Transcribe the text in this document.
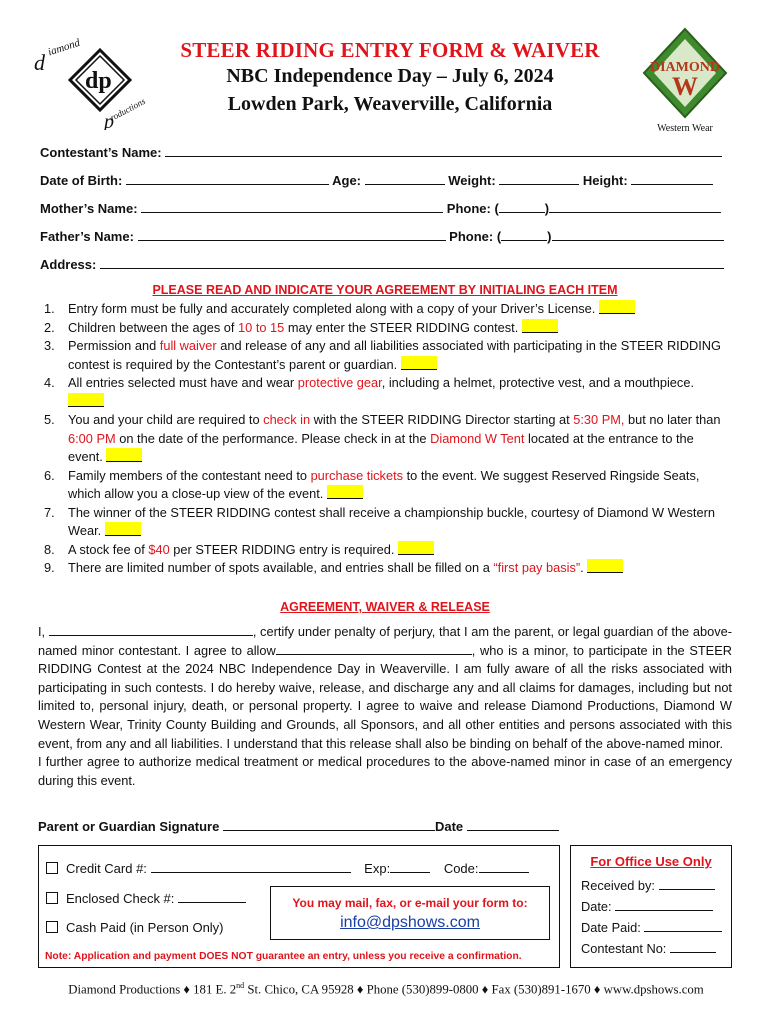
d
iamond
dp
roductions
p
STEER RIDING ENTRY FORM & WAIVER
NBC Independence Day – July 6, 2024
Lowden Park, Weaverville, California
DIAMOND
W
Western Wear
Contestant’s Name:
Date of Birth:	Age:	Weight:	Height:
Mother’s Name:	Phone: (	)
Father’s Name:	Phone: (	)
Address:
PLEASE READ AND INDICATE YOUR AGREEMENT BY INITIALING EACH ITEM
1. Entry form must be fully and accurately completed along with a copy of your Driver’s License.
2. Children between the ages of 10 to 15 may enter the STEER RIDDING contest.
3. Permission and full waiver and release of any and all liabilities associated with participating in the STEER RIDDING contest is required by the Contestant’s parent or guardian.
4. All entries selected must have and wear protective gear, including a helmet, protective vest, and a mouthpiece.
5. You and your child are required to check in with the STEER RIDDING Director starting at 5:30 PM, but no later than 6:00 PM on the date of the performance. Please check in at the Diamond W Tent located at the entrance to the event.
6. Family members of the contestant need to purchase tickets to the event. We suggest Reserved Ringside Seats, which allow you a close-up view of the event.
7. The winner of the STEER RIDDING contest shall receive a championship buckle, courtesy of Diamond W Western Wear.
8. A stock fee of $40 per STEER RIDDING entry is required.
9. There are limited number of spots available, and entries shall be filled on a “first pay basis”.
AGREEMENT, WAIVER & RELEASE
I,	, certify under penalty of perjury, that I am the parent, or legal guardian of the above-named minor contestant. I agree to allow	, who is a minor, to participate in the STEER RIDDING Contest at the 2024 NBC Independence Day in Weaverville. I am fully aware of all the risks associated with participating in such contests. I do hereby waive, release, and discharge any and all claims for damages, including but not limited to, personal injury, death, or personal property. I agree to waive and release Diamond Productions, Diamond W Western Wear, Trinity County Building and Grounds, all Sponsors, and all other entities and persons associated with this event, from any and all liabilities. I understand that this release shall also be binding on behalf of the above-named minor.
I further agree to authorize medical treatment or medical procedures to the above-named minor in case of an emergency during this event.
Parent or Guardian Signature	Date
Credit Card #:	Exp:	Code:
Enclosed Check #:
Cash Paid (in Person Only)
You may mail, fax, or e-mail your form to:
info@dpshows.com
Note: Application and payment DOES NOT guarantee an entry, unless you receive a confirmation.
For Office Use Only
Received by:
Date:
Date Paid:
Contestant No:
Diamond Productions ♦ 181 E. 2nd St. Chico, CA 95928 ♦ Phone (530)899-0800 ♦ Fax (530)891-1670 ♦ www.dpshows.com
